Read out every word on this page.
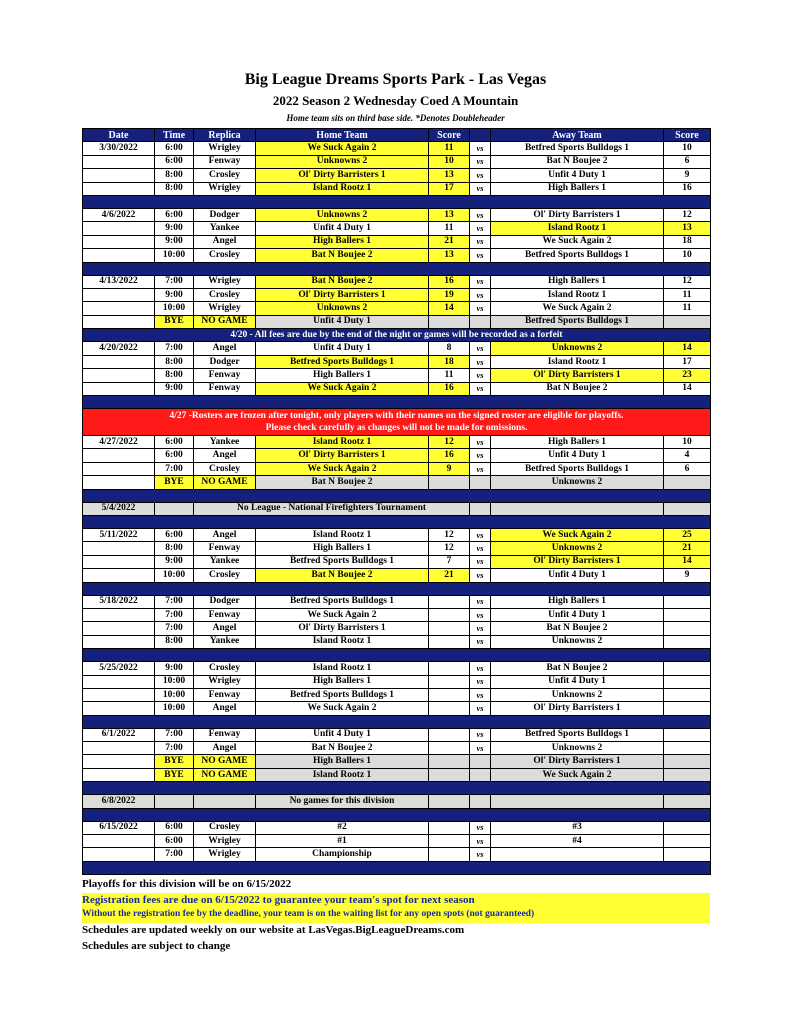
Big League Dreams Sports Park - Las Vegas
2022 Season 2 Wednesday Coed A Mountain
Home team sits on third base side. *Denotes Doubleheader
Date	Time	Replica	Home Team	Score		Away Team	Score
3/30/2022	6:00	Wrigley	We Suck Again 2	11	vs	Betfred Sports Bulldogs 1	10
	6:00	Fenway	Unknowns 2	10	vs	Bat N Boujee 2	6
	8:00	Crosley	Ol' Dirty Barristers 1	13	vs	Unfit 4 Duty 1	9
	8:00	Wrigley	Island Rootz 1	17	vs	High Ballers 1	16

4/6/2022	6:00	Dodger	Unknowns 2	13	vs	Ol' Dirty Barristers 1	12
	9:00	Yankee	Unfit 4 Duty 1	11	vs	Island Rootz 1	13
	9:00	Angel	High Ballers 1	21	vs	We Suck Again 2	18
	10:00	Crosley	Bat N Boujee 2	13	vs	Betfred Sports Bulldogs 1	10

4/13/2022	7:00	Wrigley	Bat N Boujee 2	16	vs	High Ballers 1	12
	9:00	Crosley	Ol' Dirty Barristers 1	19	vs	Island Rootz 1	11
	10:00	Wrigley	Unknowns 2	14	vs	We Suck Again 2	11
	BYE	NO GAME	Unfit 4 Duty 1			Betfred Sports Bulldogs 1	
4/20 - All fees are due by the end of the night or games will be recorded as a forfeit							
4/20/2022	7:00	Angel	Unfit 4 Duty 1	8	vs	Unknowns 2	14
	8:00	Dodger	Betfred Sports Bulldogs 1	18	vs	Island Rootz 1	17
	8:00	Fenway	High Ballers 1	11	vs	Ol' Dirty Barristers 1	23
	9:00	Fenway	We Suck Again 2	16	vs	Bat N Boujee 2	14

4/27 -Rosters are frozen after tonight, only players with their names on the signed roster are eligible for playoffs.
Please check carefully as changes will not be made for omissions.							

4/27/2022	6:00	Yankee	Island Rootz 1	12	vs	High Ballers 1	10
	6:00	Angel	Ol' Dirty Barristers 1	16	vs	Unfit 4 Duty 1	4
	7:00	Crosley	We Suck Again 2	9	vs	Betfred Sports Bulldogs 1	6
	BYE	NO GAME	Bat N Boujee 2			Unknowns 2	

5/4/2022		No League - National Firefighters Tournament					

5/11/2022	6:00	Angel	Island Rootz 1	12	vs	We Suck Again 2	25
	8:00	Fenway	High Ballers 1	12	vs	Unknowns 2	21
	9:00	Yankee	Betfred Sports Bulldogs 1	7	vs	Ol' Dirty Barristers 1	14
	10:00	Crosley	Bat N Boujee 2	21	vs	Unfit 4 Duty 1	9

5/18/2022	7:00	Dodger	Betfred Sports Bulldogs 1		vs	High Ballers 1	
	7:00	Fenway	We Suck Again 2		vs	Unfit 4 Duty 1	
	7:00	Angel	Ol' Dirty Barristers 1		vs	Bat N Boujee 2	
	8:00	Yankee	Island Rootz 1		vs	Unknowns 2	

5/25/2022	9:00	Crosley	Island Rootz 1		vs	Bat N Boujee 2	
	10:00	Wrigley	High Ballers 1		vs	Unfit 4 Duty 1	
	10:00	Fenway	Betfred Sports Bulldogs 1		vs	Unknowns 2	
	10:00	Angel	We Suck Again 2		vs	Ol' Dirty Barristers 1	

6/1/2022	7:00	Fenway	Unfit 4 Duty 1		vs	Betfred Sports Bulldogs 1	
	7:00	Angel	Bat N Boujee 2		vs	Unknowns 2	
	BYE	NO GAME	High Ballers 1			Ol' Dirty Barristers 1	
	BYE	NO GAME	Island Rootz 1			We Suck Again 2	

6/8/2022			No games for this division				

6/15/2022	6:00	Crosley	#2		vs	#3	
	6:00	Wrigley	#1		vs	#4	
	7:00	Wrigley	Championship		vs		

Playoffs for this division will be on 6/15/2022
Registration fees are due on 6/15/2022 to guarantee your team's spot for next season
Without the registration fee by the deadline, your team is on the waiting list for any open spots (not guaranteed)
Schedules are updated weekly on our website at LasVegas.BigLeagueDreams.com
Schedules are subject to change
